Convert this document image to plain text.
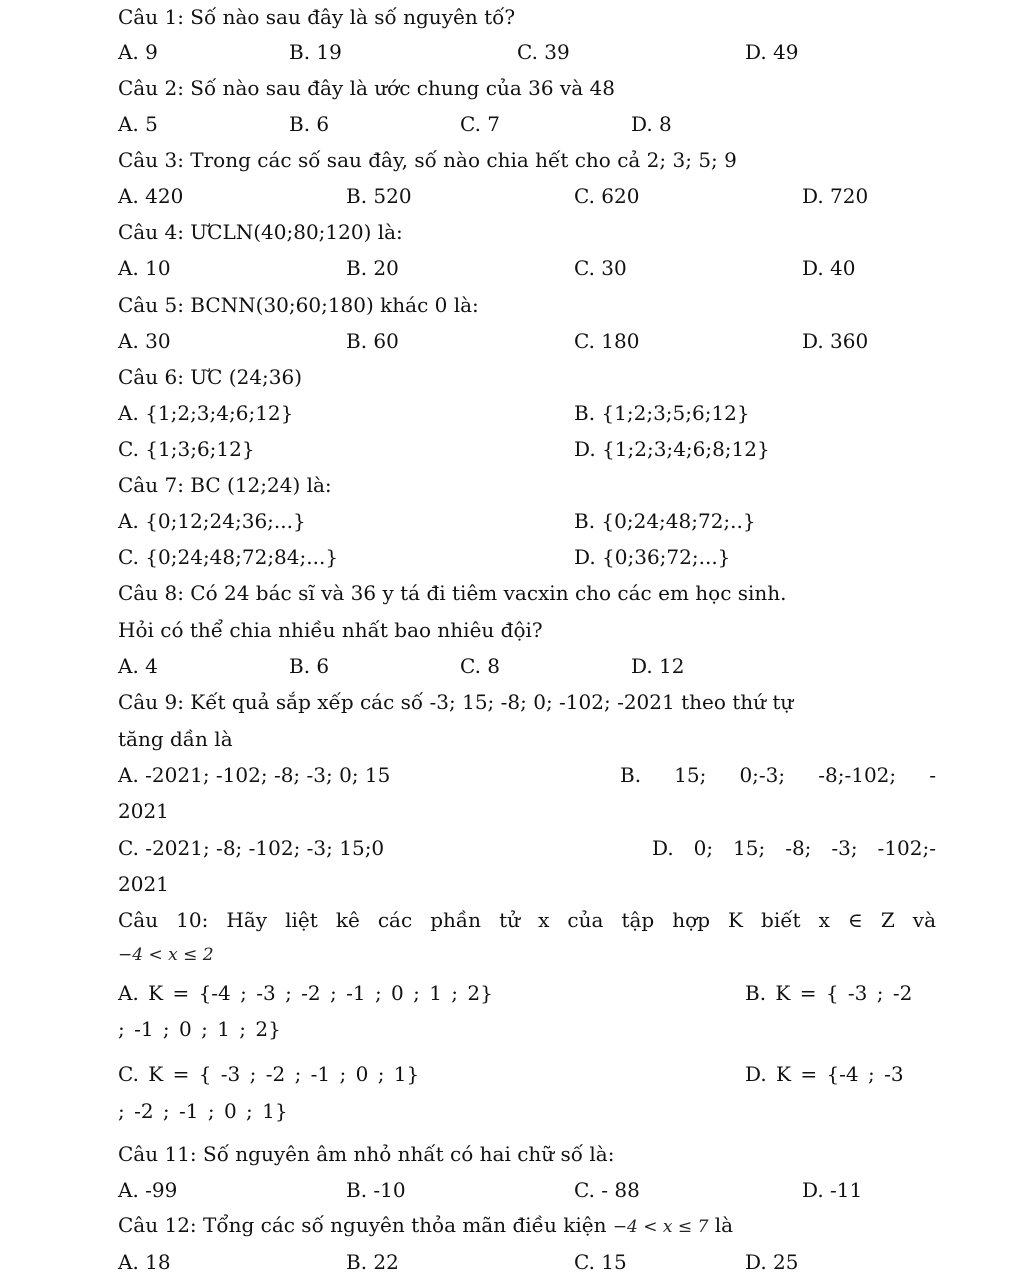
Câu 1: Số nào sau đây là số nguyên tố?
A. 9	B. 19	C. 39	D. 49
Câu 2: Số nào sau đây là ước chung của 36 và 48
A. 5	B. 6	C. 7	D. 8
Câu 3: Trong các số sau đây, số nào chia hết cho cả 2; 3; 5; 9
A. 420	B. 520	C. 620	D. 720
Câu 4: ƯCLN(40;80;120) là:
A. 10	B. 20	C. 30	D. 40
Câu 5: BCNN(30;60;180) khác 0 là:
A. 30	B. 60	C. 180	D. 360
Câu 6: ƯC (24;36)
A. {1;2;3;4;6;12}	B. {1;2;3;5;6;12}
C. {1;3;6;12}	D. {1;2;3;4;6;8;12}
Câu 7: BC (12;24) là:
A. {0;12;24;36;...}	B. {0;24;48;72;..}
C. {0;24;48;72;84;...}	D. {0;36;72;...}
Câu 8: Có 24 bác sĩ và 36 y tá đi tiêm vacxin cho các em học sinh.
Hỏi có thể chia nhiều nhất bao nhiêu đội?
A. 4	B. 6	C. 8	D. 12
Câu 9: Kết quả sắp xếp các số -3; 15; -8; 0; -102; -2021 theo thứ tự
tăng dần là
A. -2021; -102; -8; -3; 0; 15	B. 15; 0;-3; -8;-102; -
2021
C. -2021; -8; -102; -3; 15;0	D. 0; 15; -8; -3; -102;-
2021
Câu 10: Hãy liệt kê các phần tử x của tập hợp K biết x ∈ Z và
−4 < x ≤ 2
A. K = {-4 ; -3 ; -2 ; -1 ; 0 ; 1 ; 2}	B. K = { -3 ; -2
; -1 ; 0 ; 1 ; 2}
C. K = { -3 ; -2 ; -1 ; 0 ; 1}	D. K = {-4 ; -3
; -2 ; -1 ; 0 ; 1}
Câu 11: Số nguyên âm nhỏ nhất có hai chữ số là:
A. -99	B. -10	C. - 88	D. -11
Câu 12: Tổng các số nguyên thỏa mãn điều kiện −4 < x ≤ 7 là
A. 18	B. 22	C. 15	D. 25
